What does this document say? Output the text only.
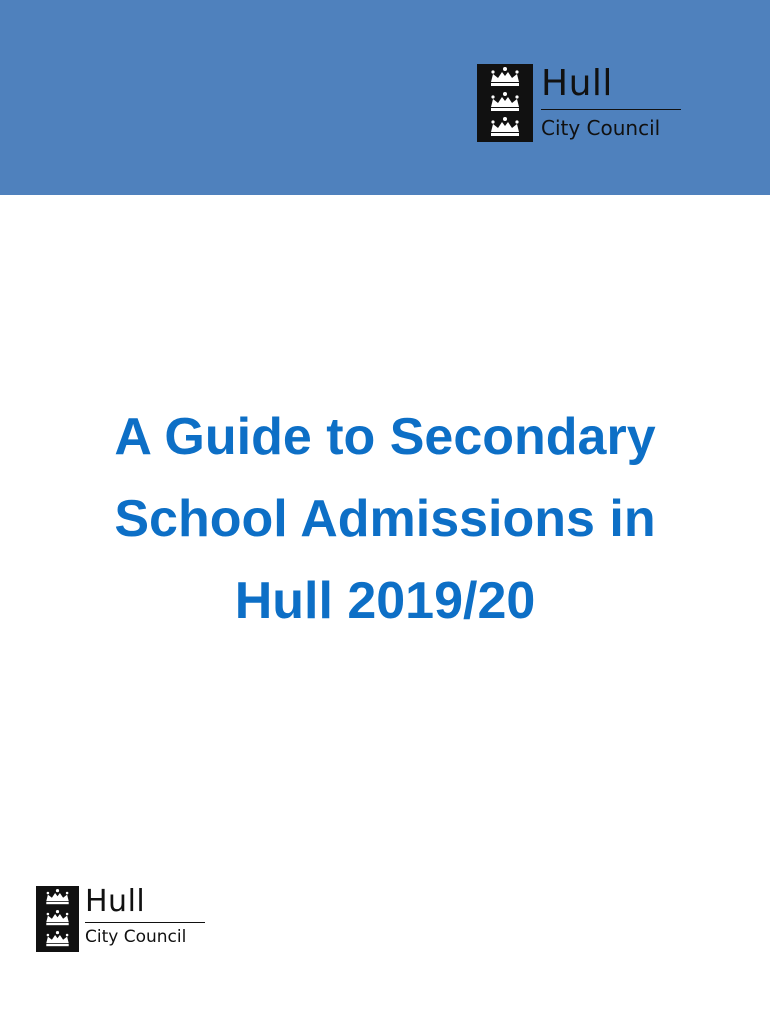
Hull
City Council
A Guide to Secondary
School Admissions in
Hull 2019/20
Hull
City Council
